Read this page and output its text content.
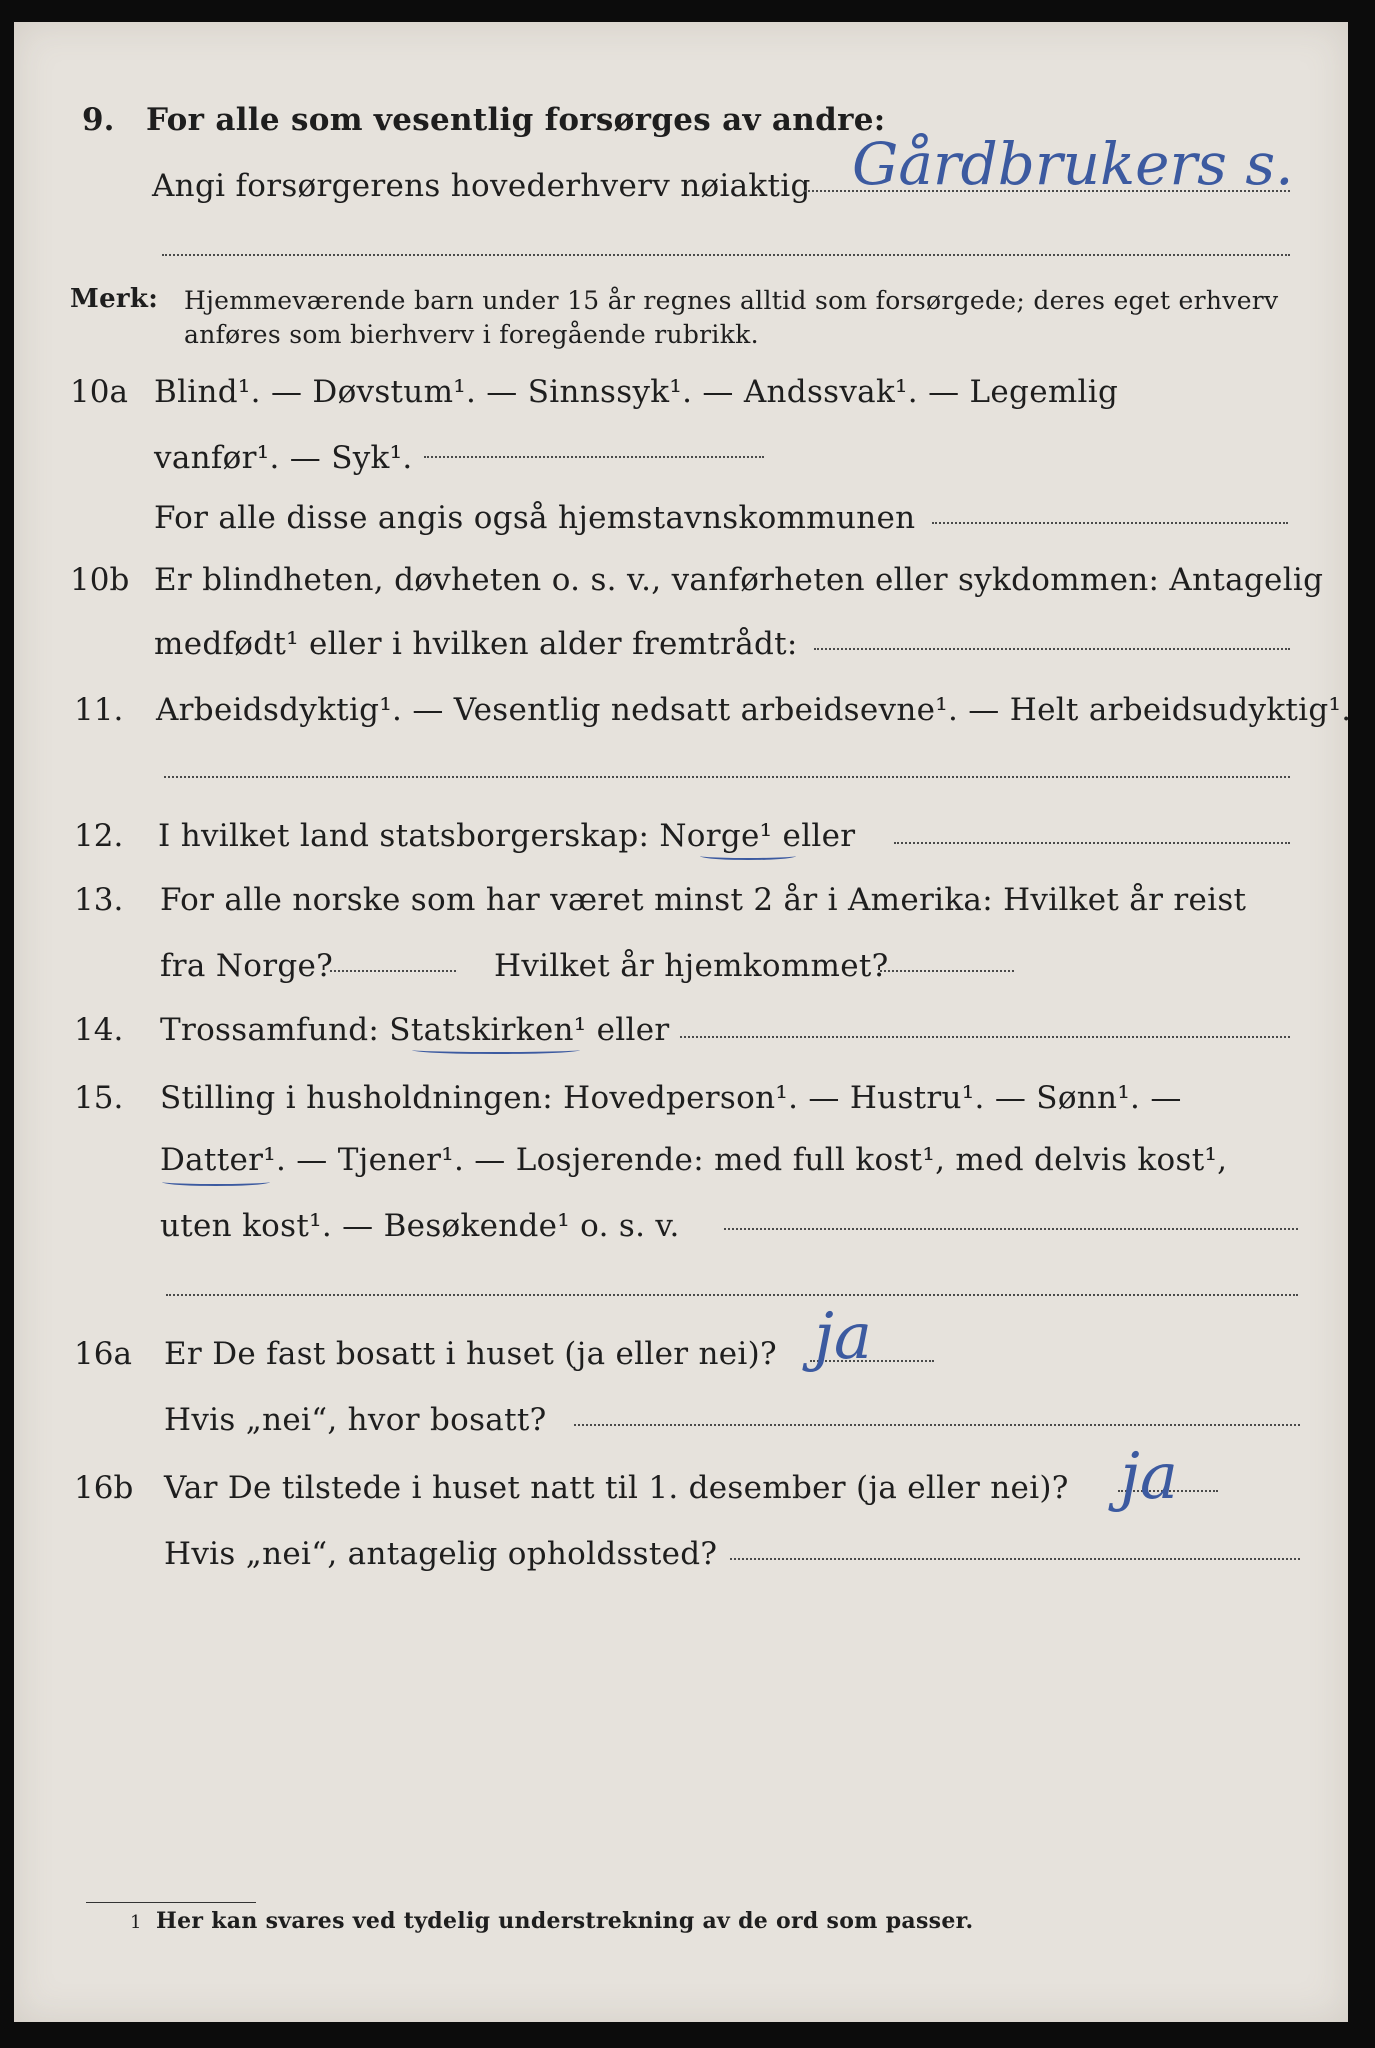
9. For alle som vesentlig forsørges av andre:
Angi forsørgerens hovederhverv nøiaktig Gårdbrukers s.
Merk: Hjemmeværende barn under 15 år regnes alltid som forsørgede; deres eget erhverv
anføres som bierhverv i foregående rubrikk.
10a Blind¹. — Døvstum¹. — Sinnssyk¹. — Andssvak¹. — Legemlig
vanfør¹. — Syk¹.
For alle disse angis også hjemstavnskommunen
10b Er blindheten, døvheten o. s. v., vanførheten eller sykdommen: Antagelig
medfødt¹ eller i hvilken alder fremtrådt:
11. Arbeidsdyktig¹. — Vesentlig nedsatt arbeidsevne¹. — Helt arbeidsudyktig¹.
12. I hvilket land statsborgerskap: Norge¹ eller
13. For alle norske som har været minst 2 år i Amerika: Hvilket år reist
fra Norge?	Hvilket år hjemkommet?
14. Trossamfund: Statskirken¹ eller
15. Stilling i husholdningen: Hovedperson¹. — Hustru¹. — Sønn¹. —
Datter¹. — Tjener¹. — Losjerende: med full kost¹, med delvis kost¹,
uten kost¹. — Besøkende¹ o. s. v.
16a Er De fast bosatt i huset (ja eller nei)? ja
Hvis „nei“, hvor bosatt?
16b Var De tilstede i huset natt til 1. desember (ja eller nei)? ja
Hvis „nei“, antagelig opholdssted?
1 Her kan svares ved tydelig understrekning av de ord som passer.
